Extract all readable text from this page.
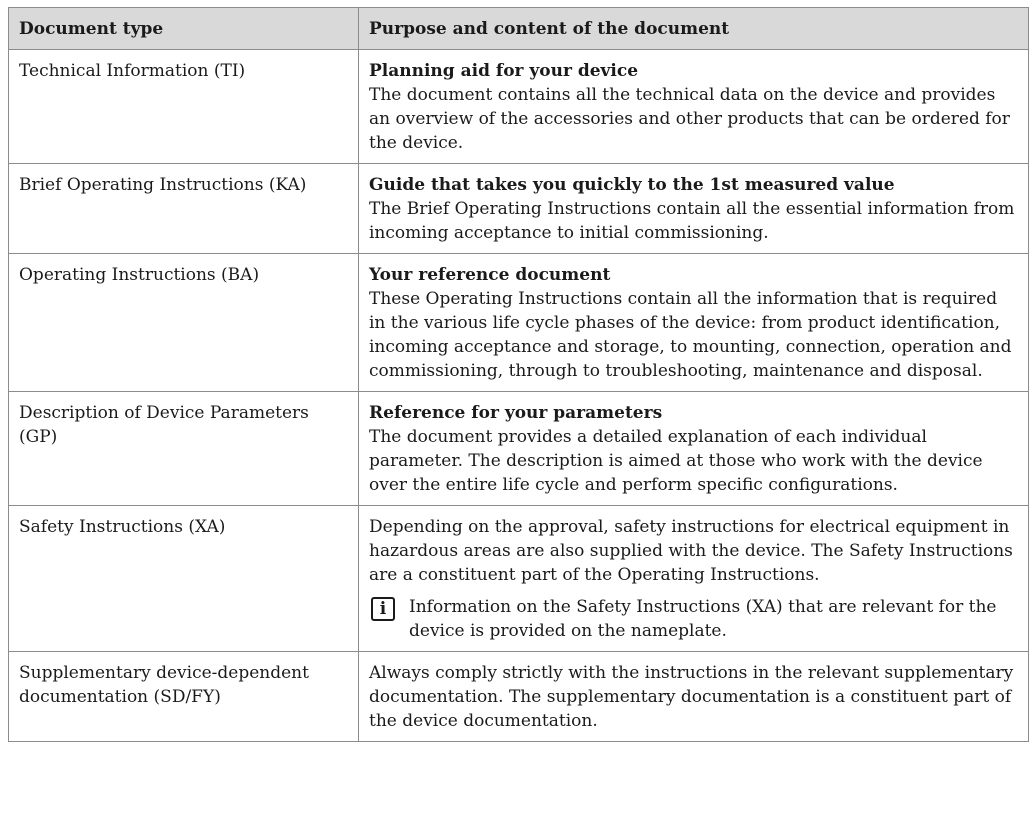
Document type	Purpose and content of the document
Technical Information (TI)	Planning aid for your device
The document contains all the technical data on the device and provides an overview of the accessories and other products that can be ordered for the device.

Brief Operating Instructions (KA)	Guide that takes you quickly to the 1st measured value
The Brief Operating Instructions contain all the essential information from incoming acceptance to initial commissioning.

Operating Instructions (BA)	Your reference document
These Operating Instructions contain all the information that is required in the various life cycle phases of the device: from product identification, incoming acceptance and storage, to mounting, connection, operation and commissioning, through to troubleshooting, maintenance and disposal.

Description of Device Parameters (GP)	Reference for your parameters
The document provides a detailed explanation of each individual parameter. The description is aimed at those who work with the device over the entire life cycle and perform specific configurations.

Safety Instructions (XA)	Depending on the approval, safety instructions for electrical equipment in hazardous areas are also supplied with the device. The Safety Instructions are a constituent part of the Operating Instructions.
i Information on the Safety Instructions (XA) that are relevant for the device is provided on the nameplate.

Supplementary device-dependent documentation (SD/FY)	Always comply strictly with the instructions in the relevant supplementary documentation. The supplementary documentation is a constituent part of the device documentation.
